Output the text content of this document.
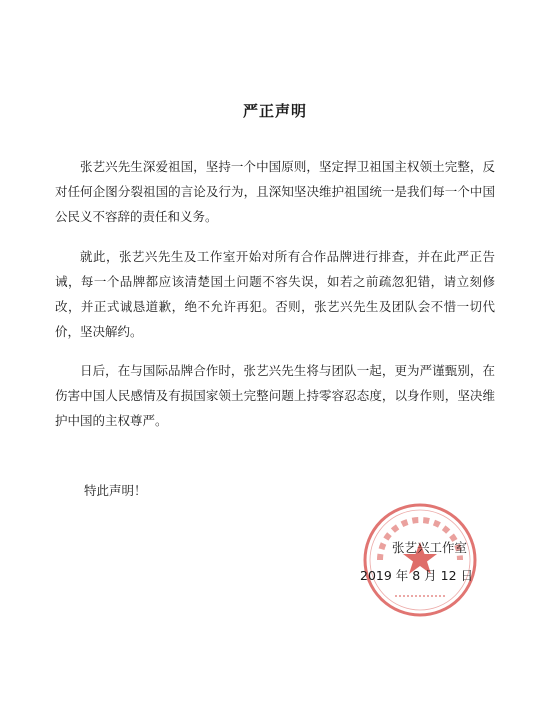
严正声明

张艺兴先生深爱祖国，坚持一个中国原则，坚定捍卫祖国主权领土完整，反对任何企图分裂祖国的言论及行为，且深知坚决维护祖国统一是我们每一个中国公民义不容辞的责任和义务。

就此，张艺兴先生及工作室开始对所有合作品牌进行排查，并在此严正告诫，每一个品牌都应该清楚国土问题不容失误，如若之前疏忽犯错，请立刻修改，并正式诚恳道歉，绝不允许再犯。否则，张艺兴先生及团队会不惜一切代价，坚决解约。

日后，在与国际品牌合作时，张艺兴先生将与团队一起，更为严谨甄别，在伤害中国人民感情及有损国家领土完整问题上持零容忍态度，以身作则，坚决维护中国的主权尊严。

特此声明！

张艺兴工作室

2019 年 8 月 12 日
